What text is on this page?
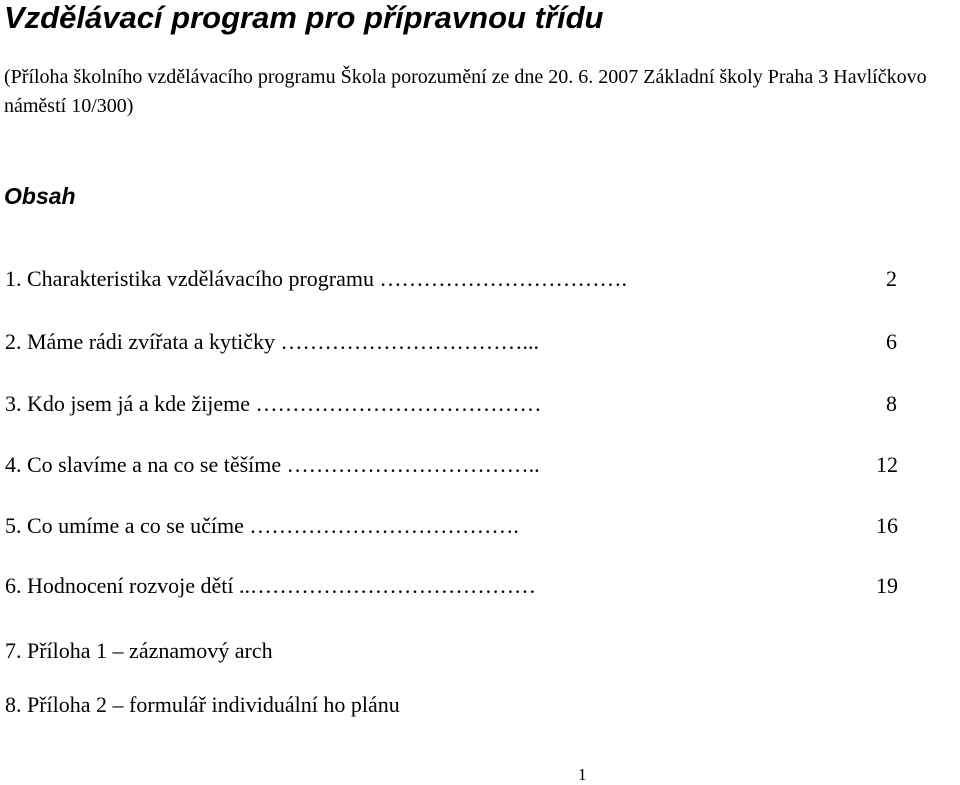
Vzdělávací program pro přípravnou třídu

(Příloha školního vzdělávacího programu Škola porozumění ze dne 20. 6. 2007 Základní školy Praha 3 Havlíčkovo náměstí 10/300)

Obsah
1. Charakteristika vzdělávacího programu …………………………….	2
2. Máme rádi zvířata a kytičky ……………………………...	6
3. Kdo jsem já a kde žijeme …………………………………	8
4. Co slavíme a na co se těšíme ……………………………..	12
5. Co umíme a co se učíme ……………………………….	16
6. Hodnocení rozvoje dětí ..…………………………………	19
7. Příloha 1 – záznamový arch
8. Příloha 2 – formulář individuální ho plánu
1
